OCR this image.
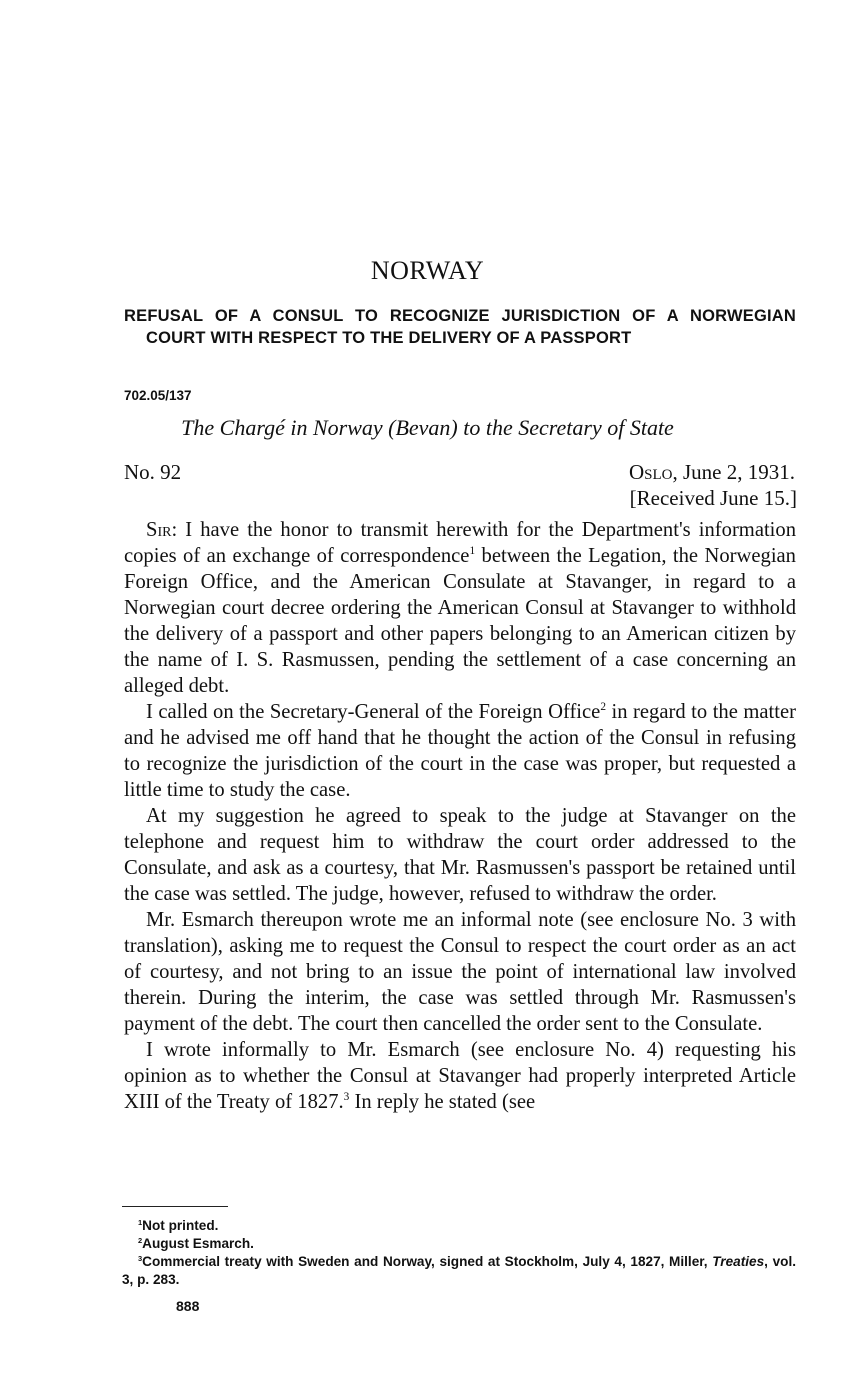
NORWAY
REFUSAL OF A CONSUL TO RECOGNIZE JURISDICTION OF A NORWEGIAN COURT WITH RESPECT TO THE DELIVERY OF A PASSPORT
702.05/137
The Chargé in Norway (Bevan) to the Secretary of State
No. 92	Oslo, June 2, 1931.
[Received June 15.]

Sir: I have the honor to transmit herewith for the Department's information copies of an exchange of correspondence$^1$ between the Legation, the Norwegian Foreign Office, and the American Consulate at Stavanger, in regard to a Norwegian court decree ordering the American Consul at Stavanger to withhold the delivery of a passport and other papers belonging to an American citizen by the name of I. S. Rasmussen, pending the settlement of a case concerning an alleged debt.

I called on the Secretary-General of the Foreign Office$^2$ in regard to the matter and he advised me off hand that he thought the action of the Consul in refusing to recognize the jurisdiction of the court in the case was proper, but requested a little time to study the case.

At my suggestion he agreed to speak to the judge at Stavanger on the telephone and request him to withdraw the court order addressed to the Consulate, and ask as a courtesy, that Mr. Rasmussen's passport be retained until the case was settled. The judge, however, refused to withdraw the order.

Mr. Esmarch thereupon wrote me an informal note (see enclosure No. 3 with translation), asking me to request the Consul to respect the court order as an act of courtesy, and not bring to an issue the point of international law involved therein. During the interim, the case was settled through Mr. Rasmussen's payment of the debt. The court then cancelled the order sent to the Consulate.

I wrote informally to Mr. Esmarch (see enclosure No. 4) requesting his opinion as to whether the Consul at Stavanger had properly interpreted Article XIII of the Treaty of 1827.$^3$ In reply he stated (see

$^1$Not printed.

$^2$August Esmarch.

$^3$Commercial treaty with Sweden and Norway, signed at Stockholm, July 4, 1827, Miller, Treaties, vol. 3, p. 283.

888
